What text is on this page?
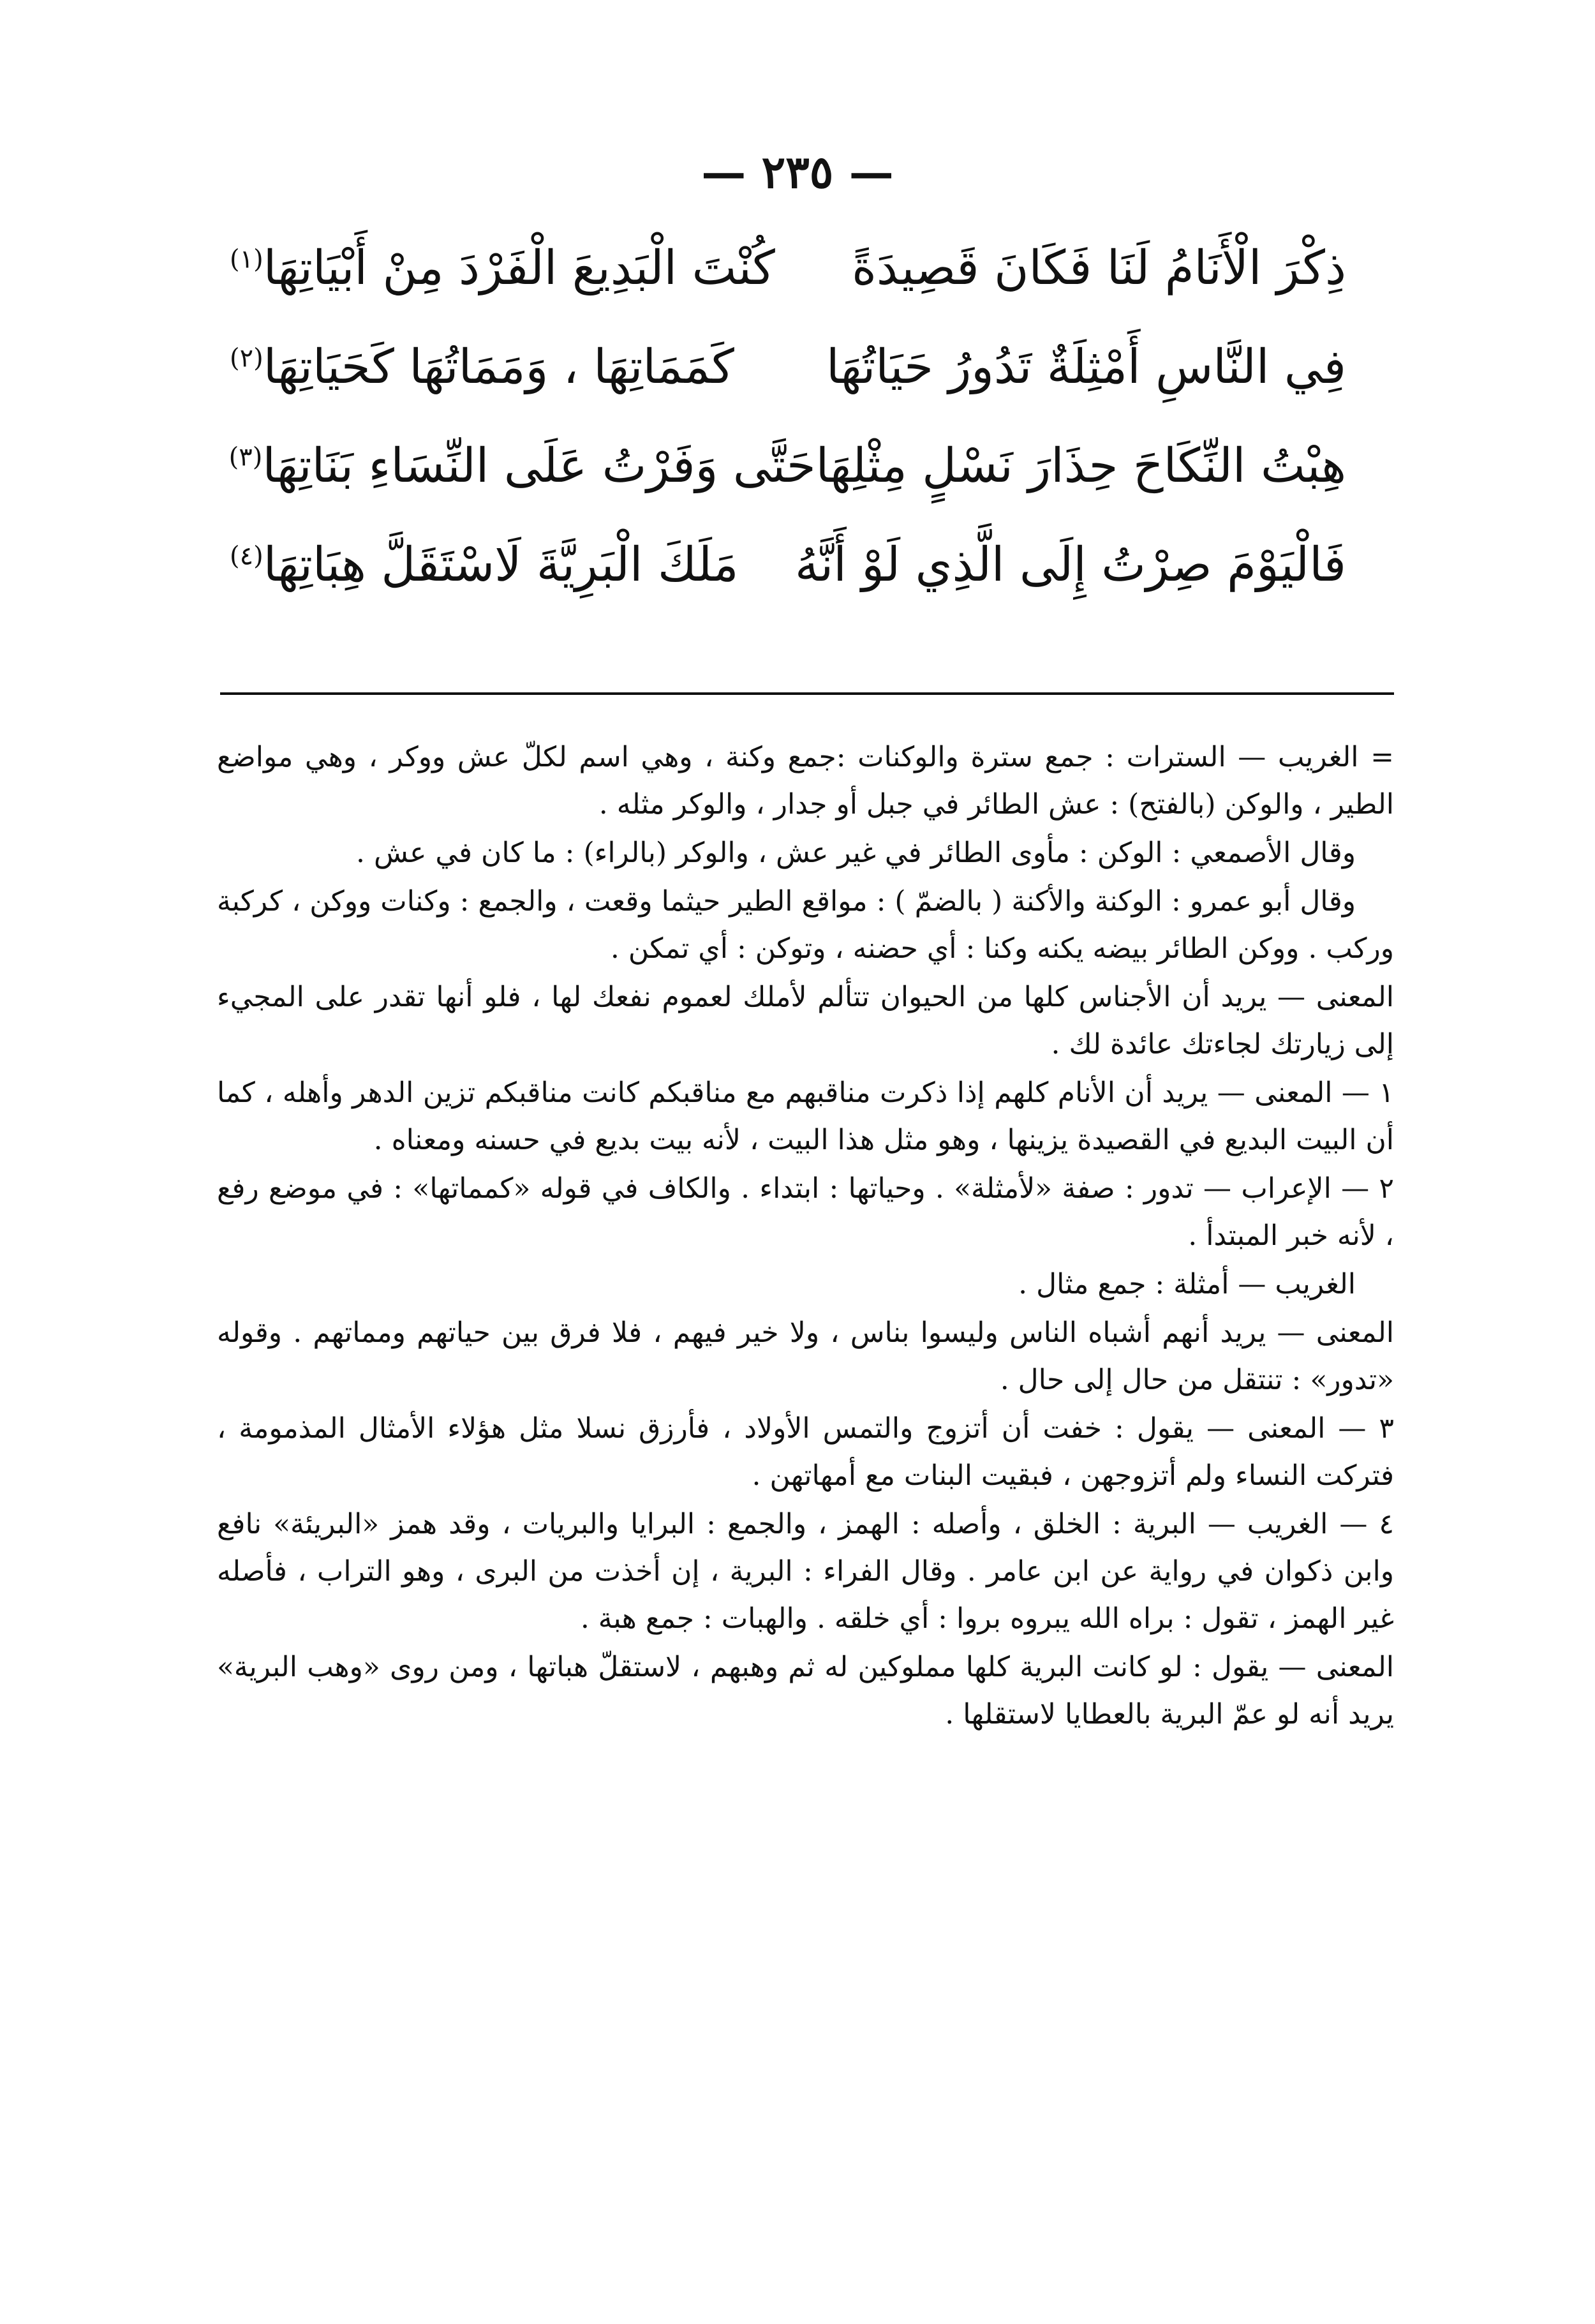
— ٢٣٥ —
ذِكْرَ الْأَنَامُ لَنَا فَكَانَ قَصِيدَةً
كُنْتَ الْبَدِيعَ الْفَرْدَ مِنْ أَبْيَاتِهَا$^{(١)}$
فِي النَّاسِ أَمْثِلَةٌ تَدُورُ حَيَاتُهَا
كَمَمَاتِهَا ، وَمَمَاتُهَا كَحَيَاتِهَا$^{(٢)}$
هِبْتُ النِّكَاحَ حِذَارَ نَسْلٍ مِثْلِهَا
حَتَّى وَفَرْتُ عَلَى النِّسَاءِ بَنَاتِهَا$^{(٣)}$
فَالْيَوْمَ صِرْتُ إِلَى الَّذِي لَوْ أَنَّهُ
مَلَكَ الْبَرِيَّةَ لَاسْتَقَلَّ هِبَاتِهَا$^{(٤)}$

= الغريب — السترات : جمع سترة والوكنات :جمع وكنة ، وهي اسم لكلّ عش ووكر ، وهي مواضع الطير ، والوكن (بالفتح) : عش الطائر في جبل أو جدار ، والوكر مثله .

وقال الأصمعي : الوكن : مأوى الطائر في غير عش ، والوكر (بالراء) : ما كان في عش .

وقال أبو عمرو : الوكنة والأكنة ( بالضمّ ) : مواقع الطير حيثما وقعت ، والجمع : وكنات ووكن ، كركبة وركب . ووكن الطائر بيضه يكنه وكنا : أي حضنه ، وتوكن : أي تمكن .

المعنى — يريد أن الأجناس كلها من الحيوان تتألم لأملك لعموم نفعك لها ، فلو أنها تقدر على المجيء إلى زيارتك لجاءتك عائدة لك .

١ — المعنى — يريد أن الأنام كلهم إذا ذكرت مناقبهم مع مناقبكم كانت مناقبكم تزين الدهر وأهله ، كما أن البيت البديع في القصيدة يزينها ، وهو مثل هذا البيت ، لأنه بيت بديع في حسنه ومعناه .

٢ — الإعراب — تدور : صفة «لأمثلة» . وحياتها : ابتداء . والكاف في قوله «كمماتها» : في موضع رفع ، لأنه خبر المبتدأ .

الغريب — أمثلة : جمع مثال .

المعنى — يريد أنهم أشباه الناس وليسوا بناس ، ولا خير فيهم ، فلا فرق بين حياتهم ومماتهم . وقوله «تدور» : تنتقل من حال إلى حال .

٣ — المعنى — يقول : خفت أن أتزوج والتمس الأولاد ، فأرزق نسلا مثل هؤلاء الأمثال المذمومة ، فتركت النساء ولم أتزوجهن ، فبقيت البنات مع أمهاتهن .

٤ — الغريب — البرية : الخلق ، وأصله : الهمز ، والجمع : البرايا والبريات ، وقد همز «البريئة» نافع وابن ذكوان في رواية عن ابن عامر . وقال الفراء : البرية ، إن أخذت من البرى ، وهو التراب ، فأصله غير الهمز ، تقول : براه الله يبروه بروا : أي خلقه . والهبات : جمع هبة .

المعنى — يقول : لو كانت البرية كلها مملوكين له ثم وهبهم ، لاستقلّ هباتها ، ومن روى «وهب البرية» يريد أنه لو عمّ البرية بالعطايا لاستقلها .
